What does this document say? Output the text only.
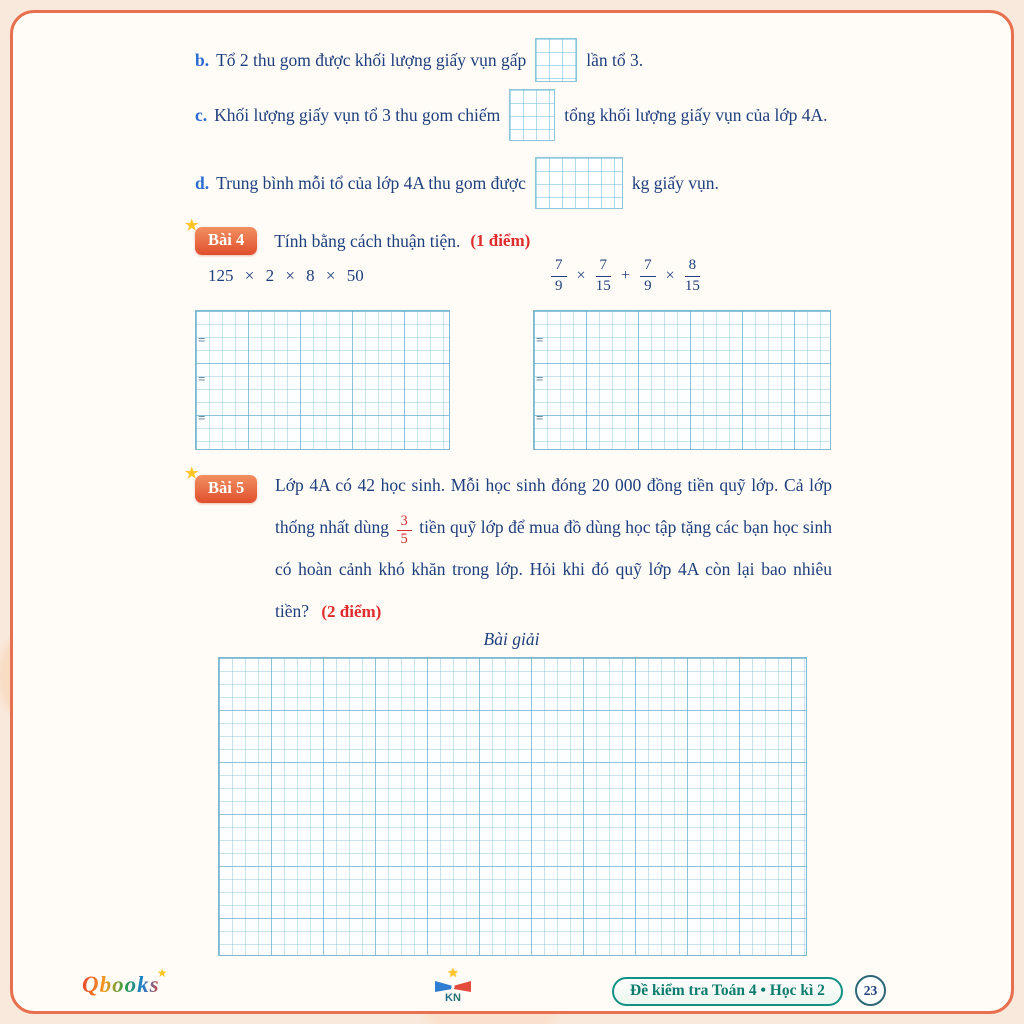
b. Tổ 2 thu gom được khối lượng giấy vụn gấp	lần tổ 3.
c. Khối lượng giấy vụn tổ 3 thu gom chiếm	tổng khối lượng giấy vụn của lớp 4A.
d. Trung bình mỗi tổ của lớp 4A thu gom được	kg giấy vụn.
★
Bài 4	Tính bằng cách thuận tiện. (1 điểm)
125 × 2 × 8 × 50	$\frac{7}{9} \times \frac{7}{15} + \frac{7}{9} \times \frac{8}{15}$
=
=
=
=
=
=
★
Bài 5	Lớp 4A có 42 học sinh. Mỗi học sinh đóng 20 000 đồng tiền quỹ lớp. Cả lớp thống nhất dùng $\frac{3}{5}$ tiền quỹ lớp để mua đồ dùng học tập tặng các bạn học sinh có hoàn cảnh khó khăn trong lớp. Hỏi khi đó quỹ lớp 4A còn lại bao nhiêu tiền? (2 điểm)
Bài giải
Qbooks
★	★
KN	Đề kiểm tra Toán 4 • Học kì 2	23
